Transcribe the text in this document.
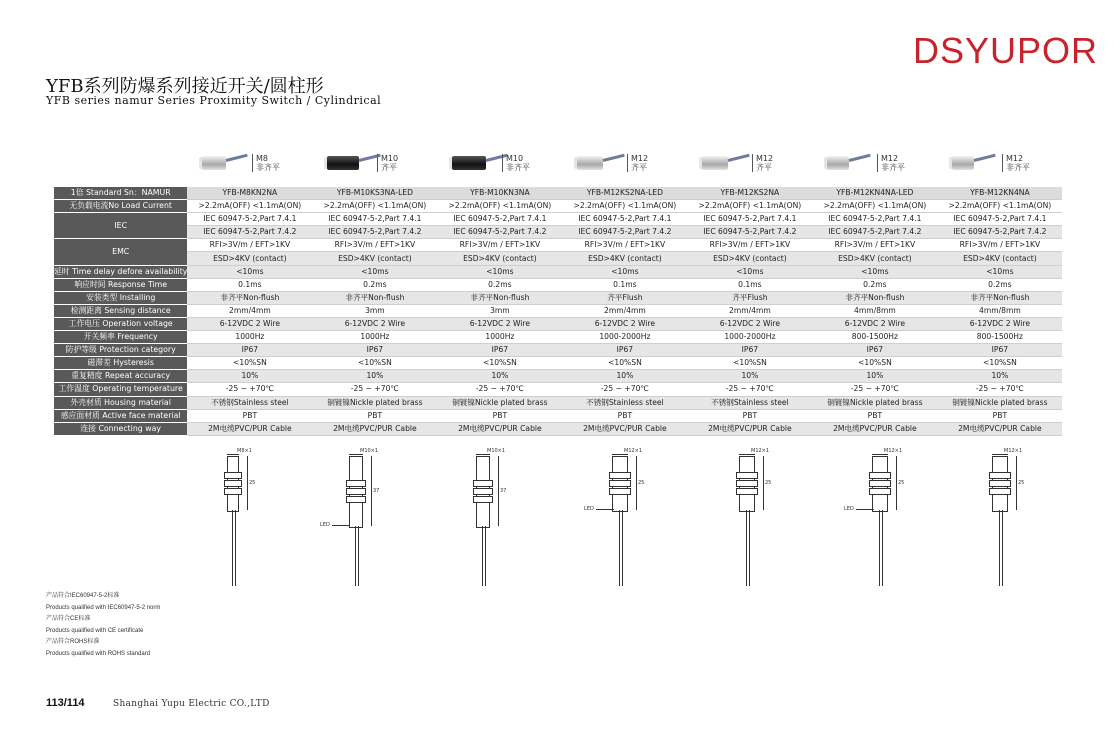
DSYUPOR
YFB系列防爆系列接近开关/圆柱形
YFB series namur Series Proximity Switch / Cylindrical
M8
非齐平
M10
齐平
M10
非齐平
M12
齐平
M12
齐平
M12
非齐平
M12
非齐平
1倍 Standard Sn：NAMUR	YFB-M8KN2NA	YFB-M10KS3NA-LED	YFB-M10KN3NA	YFB-M12KS2NA-LED	YFB-M12KS2NA	YFB-M12KN4NA-LED	YFB-M12KN4NA
无负载电流No Load Current	>2.2mA(OFF) <1.1mA(ON)	>2.2mA(OFF) <1.1mA(ON)	>2.2mA(OFF) <1.1mA(ON)	>2.2mA(OFF) <1.1mA(ON)	>2.2mA(OFF) <1.1mA(ON)	>2.2mA(OFF) <1.1mA(ON)	>2.2mA(OFF) <1.1mA(ON)
IEC	IEC 60947-5-2,Part 7.4.1	IEC 60947-5-2,Part 7.4.1	IEC 60947-5-2,Part 7.4.1	IEC 60947-5-2,Part 7.4.1	IEC 60947-5-2,Part 7.4.1	IEC 60947-5-2,Part 7.4.1	IEC 60947-5-2,Part 7.4.1
	IEC 60947-5-2,Part 7.4.2	IEC 60947-5-2,Part 7.4.2	IEC 60947-5-2,Part 7.4.2	IEC 60947-5-2,Part 7.4.2	IEC 60947-5-2,Part 7.4.2	IEC 60947-5-2,Part 7.4.2	IEC 60947-5-2,Part 7.4.2
EMC	RFI>3V/m / EFT>1KV	RFI>3V/m / EFT>1KV	RFI>3V/m / EFT>1KV	RFI>3V/m / EFT>1KV	RFI>3V/m / EFT>1KV	RFI>3V/m / EFT>1KV	RFI>3V/m / EFT>1KV
	ESD>4KV (contact)	ESD>4KV (contact)	ESD>4KV (contact)	ESD>4KV (contact)	ESD>4KV (contact)	ESD>4KV (contact)	ESD>4KV (contact)
延时 Time delay defore availability	<10ms	<10ms	<10ms	<10ms	<10ms	<10ms	<10ms
响应时间 Response Time	0.1ms	0.2ms	0.2ms	0.1ms	0.1ms	0.2ms	0.2ms
安装类型 Installing	非齐平Non-flush	非齐平Non-flush	非齐平Non-flush	齐平Flush	齐平Flush	非齐平Non-flush	非齐平Non-flush
检测距离 Sensing distance	2mm/4mm	3mm	3mm	2mm/4mm	2mm/4mm	4mm/8mm	4mm/8mm
工作电压 Operation voltage	6-12VDC 2 Wire	6-12VDC 2 Wire	6-12VDC 2 Wire	6-12VDC 2 Wire	6-12VDC 2 Wire	6-12VDC 2 Wire	6-12VDC 2 Wire
开关频率 Frequency	1000Hz	1000Hz	1000Hz	1000-2000Hz	1000-2000Hz	800-1500Hz	800-1500Hz
防护等级 Protection category	IP67	IP67	IP67	IP67	IP67	IP67	IP67
磁滞差 Hysteresis	<10%SN	<10%SN	<10%SN	<10%SN	<10%SN	<10%SN	<10%SN
重复精度 Repeat accuracy	10%	10%	10%	10%	10%	10%	10%
工作温度 Operating temperature	-25 ~ +70℃	-25 ~ +70℃	-25 ~ +70℃	-25 ~ +70℃	-25 ~ +70℃	-25 ~ +70℃	-25 ~ +70℃
外壳材质 Housing material	不锈钢Stainless steel	铜镀镍Nickle plated brass	铜镀镍Nickle plated brass	不锈钢Stainless steel	不锈钢Stainless steel	铜镀镍Nickle plated brass	铜镀镍Nickle plated brass
感应面材质 Active face material	PBT	PBT	PBT	PBT	PBT	PBT	PBT
连接 Connecting way	2M电缆PVC/PUR Cable	2M电缆PVC/PUR Cable	2M电缆PVC/PUR Cable	2M电缆PVC/PUR Cable	2M电缆PVC/PUR Cable	2M电缆PVC/PUR Cable	2M电缆PVC/PUR Cable
M8×1
25
M10×1
37
LED
M10×1
37
M12×1
25
LED
M12×1
25
M12×1
25
LED
M12×1
25
产品符合IEC60947-5-2标准
Products qualified with IEC60947-5-2 norm
产品符合CE标准
Products qualified with CE certificate
产品符合ROHS标准
Products qualified with ROHS standard
113/114	Shanghai Yupu Electric CO.,LTD
